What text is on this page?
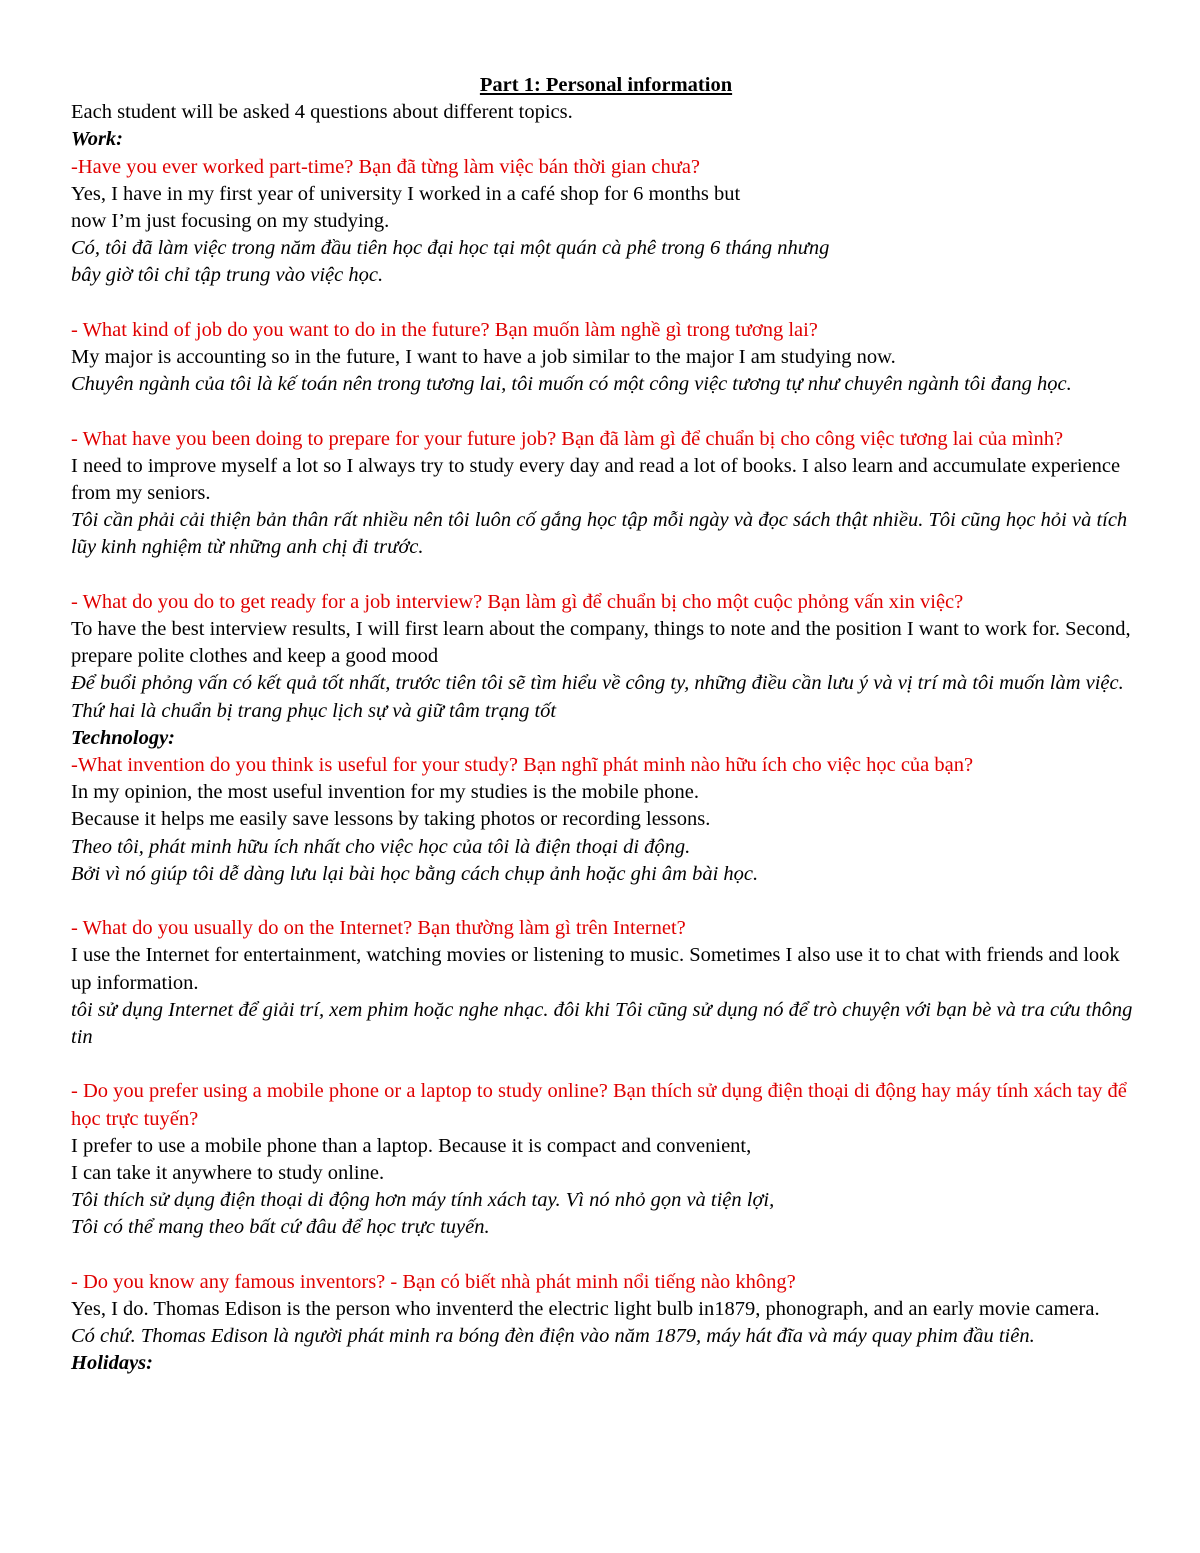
Part 1: Personal information
Each student will be asked 4 questions about different topics.
Work:
-Have you ever worked part-time? Bạn đã từng làm việc bán thời gian chưa?
Yes, I have in my first year of university I worked in a café shop for 6 months but
now I’m just focusing on my studying.
Có, tôi đã làm việc trong năm đầu tiên học đại học tại một quán cà phê trong 6 tháng nhưng
bây giờ tôi chỉ tập trung vào việc học.
- What kind of job do you want to do in the future? Bạn muốn làm nghề gì trong tương lai?
My major is accounting so in the future, I want to have a job similar to the major I am studying now.
Chuyên ngành của tôi là kế toán nên trong tương lai, tôi muốn có một công việc tương tự như chuyên ngành tôi đang học.
- What have you been doing to prepare for your future job? Bạn đã làm gì để chuẩn bị cho công việc tương lai của mình?
I need to improve myself a lot so I always try to study every day and read a lot of books. I also learn and accumulate experience from my seniors.
Tôi cần phải cải thiện bản thân rất nhiều nên tôi luôn cố gắng học tập mỗi ngày và đọc sách thật nhiều. Tôi cũng học hỏi và tích lũy kinh nghiệm từ những anh chị đi trước.
- What do you do to get ready for a job interview? Bạn làm gì để chuẩn bị cho một cuộc phỏng vấn xin việc?
To have the best interview results, I will first learn about the company, things to note and the position I want to work for. Second, prepare polite clothes and keep a good mood
Để buổi phỏng vấn có kết quả tốt nhất, trước tiên tôi sẽ tìm hiểu về công ty, những điều cần lưu ý và vị trí mà tôi muốn làm việc. Thứ hai là chuẩn bị trang phục lịch sự và giữ tâm trạng tốt
Technology:
-What invention do you think is useful for your study? Bạn nghĩ phát minh nào hữu ích cho việc học của bạn?
In my opinion, the most useful invention for my studies is the mobile phone.
Because it helps me easily save lessons by taking photos or recording lessons.
Theo tôi, phát minh hữu ích nhất cho việc học của tôi là điện thoại di động.
Bởi vì nó giúp tôi dễ dàng lưu lại bài học bằng cách chụp ảnh hoặc ghi âm bài học.
- What do you usually do on the Internet? Bạn thường làm gì trên Internet?
I use the Internet for entertainment, watching movies or listening to music. Sometimes I also use it to chat with friends and look up information.
tôi sử dụng Internet để giải trí, xem phim hoặc nghe nhạc. đôi khi Tôi cũng sử dụng nó để trò chuyện với bạn bè và tra cứu thông tin
- Do you prefer using a mobile phone or a laptop to study online? Bạn thích sử dụng điện thoại di động hay máy tính xách tay để học trực tuyến?
I prefer to use a mobile phone than a laptop. Because it is compact and convenient,
I can take it anywhere to study online.
Tôi thích sử dụng điện thoại di động hơn máy tính xách tay. Vì nó nhỏ gọn và tiện lợi,
Tôi có thể mang theo bất cứ đâu để học trực tuyến.
- Do you know any famous inventors? - Bạn có biết nhà phát minh nổi tiếng nào không?
Yes, I do. Thomas Edison is the person who inventerd the electric light bulb in1879, phonograph, and an early movie camera.
Có chứ. Thomas Edison là người phát minh ra bóng đèn điện vào năm 1879, máy hát đĩa và máy quay phim đầu tiên.
Holidays:
